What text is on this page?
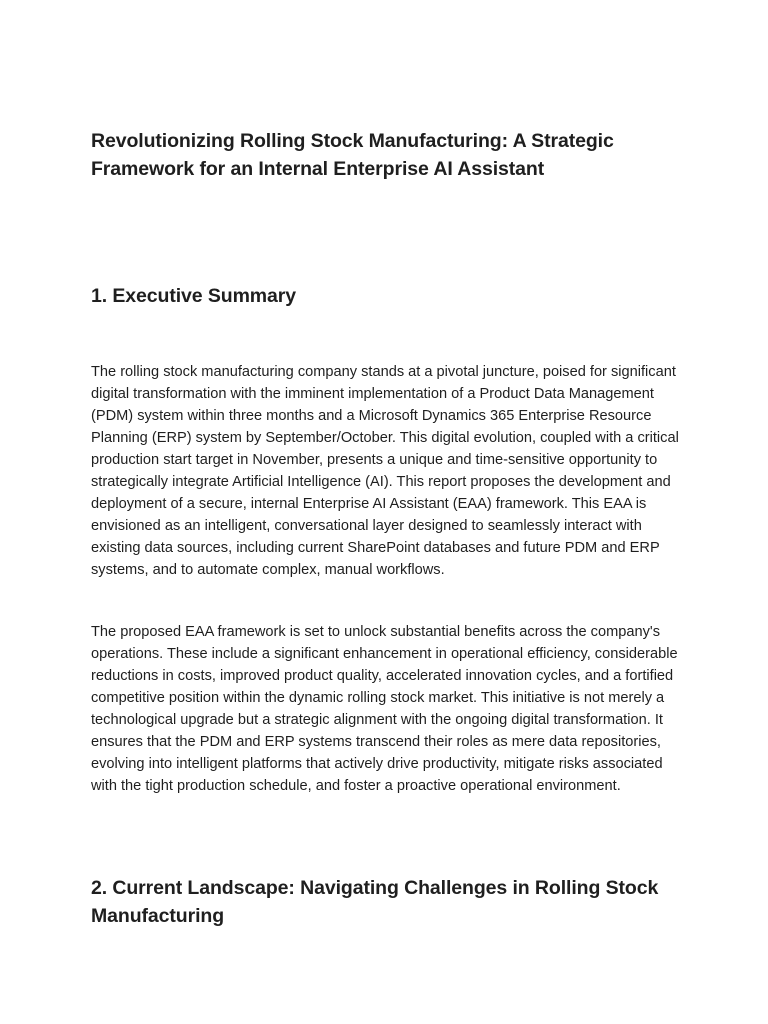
Revolutionizing Rolling Stock Manufacturing: A Strategic Framework for an Internal Enterprise AI Assistant
1. Executive Summary

The rolling stock manufacturing company stands at a pivotal juncture, poised for significant digital transformation with the imminent implementation of a Product Data Management (PDM) system within three months and a Microsoft Dynamics 365 Enterprise Resource Planning (ERP) system by September/October. This digital evolution, coupled with a critical production start target in November, presents a unique and time-sensitive opportunity to strategically integrate Artificial Intelligence (AI). This report proposes the development and deployment of a secure, internal Enterprise AI Assistant (EAA) framework. This EAA is envisioned as an intelligent, conversational layer designed to seamlessly interact with existing data sources, including current SharePoint databases and future PDM and ERP systems, and to automate complex, manual workflows.

The proposed EAA framework is set to unlock substantial benefits across the company's operations. These include a significant enhancement in operational efficiency, considerable reductions in costs, improved product quality, accelerated innovation cycles, and a fortified competitive position within the dynamic rolling stock market. This initiative is not merely a technological upgrade but a strategic alignment with the ongoing digital transformation. It ensures that the PDM and ERP systems transcend their roles as mere data repositories, evolving into intelligent platforms that actively drive productivity, mitigate risks associated with the tight production schedule, and foster a proactive operational environment.

2. Current Landscape: Navigating Challenges in Rolling Stock Manufacturing
